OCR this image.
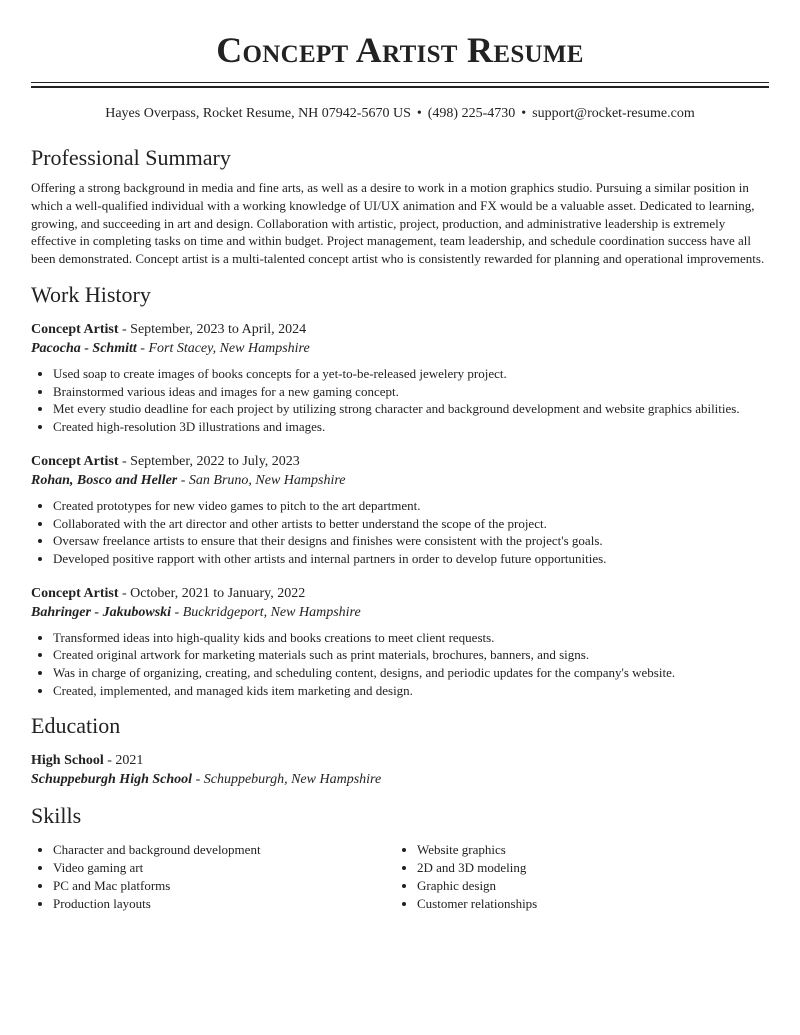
Concept Artist Resume
Hayes Overpass, Rocket Resume, NH 07942-5670 US • (498) 225-4730 • support@rocket-resume.com
Professional Summary

Offering a strong background in media and fine arts, as well as a desire to work in a motion graphics studio. Pursuing a similar position in which a well-qualified individual with a working knowledge of UI/UX animation and FX would be a valuable asset. Dedicated to learning, growing, and succeeding in art and design. Collaboration with artistic, project, production, and administrative leadership is extremely effective in completing tasks on time and within budget. Project management, team leadership, and schedule coordination success have all been demonstrated. Concept artist is a multi-talented concept artist who is consistently rewarded for planning and operational improvements.

Work History
Concept Artist - September, 2023 to April, 2024
Pacocha - Schmitt - Fort Stacey, New Hampshire
• Used soap to create images of books concepts for a yet-to-be-released jewelery project.
• Brainstormed various ideas and images for a new gaming concept.
• Met every studio deadline for each project by utilizing strong character and background development and website graphics abilities.
• Created high-resolution 3D illustrations and images.
Concept Artist - September, 2022 to July, 2023
Rohan, Bosco and Heller - San Bruno, New Hampshire
• Created prototypes for new video games to pitch to the art department.
• Collaborated with the art director and other artists to better understand the scope of the project.
• Oversaw freelance artists to ensure that their designs and finishes were consistent with the project's goals.
• Developed positive rapport with other artists and internal partners in order to develop future opportunities.
Concept Artist - October, 2021 to January, 2022
Bahringer - Jakubowski - Buckridgeport, New Hampshire
• Transformed ideas into high-quality kids and books creations to meet client requests.
• Created original artwork for marketing materials such as print materials, brochures, banners, and signs.
• Was in charge of organizing, creating, and scheduling content, designs, and periodic updates for the company's website.
• Created, implemented, and managed kids item marketing and design.
Education
High School - 2021
Schuppeburgh High School - Schuppeburgh, New Hampshire
Skills
• Character and background development
• Video gaming art
• PC and Mac platforms
• Production layouts
• Website graphics
• 2D and 3D modeling
• Graphic design
• Customer relationships
